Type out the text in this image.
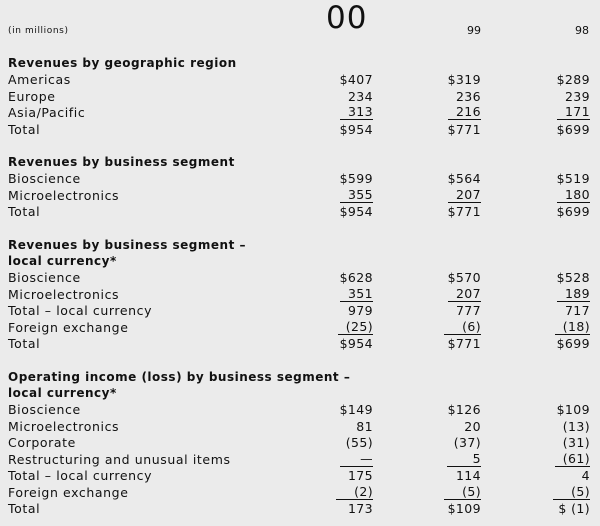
(in millions)	00	99	98
Revenues by geographic region
Americas	$407	$319	$289
Europe	234	236	239
Asia/Pacific	313	216	171
Total	$954	$771	$699
Revenues by business segment
Bioscience	$599	$564	$519
Microelectronics	355	207	180
Total	$954	$771	$699
Revenues by business segment –
local currency*
Bioscience	$628	$570	$528
Microelectronics	351	207	189
Total – local currency	979	777	717
Foreign exchange	(25)	(6)	(18)
Total	$954	$771	$699
Operating income (loss) by business segment –
local currency*
Bioscience	$149	$126	$109
Microelectronics	81	20	(13)
Corporate	(55)	(37)	(31)
Restructuring and unusual items	—	5	(61)
Total – local currency	175	114	4
Foreign exchange	(2)	(5)	(5)
Total	173	$109	$ (1)
